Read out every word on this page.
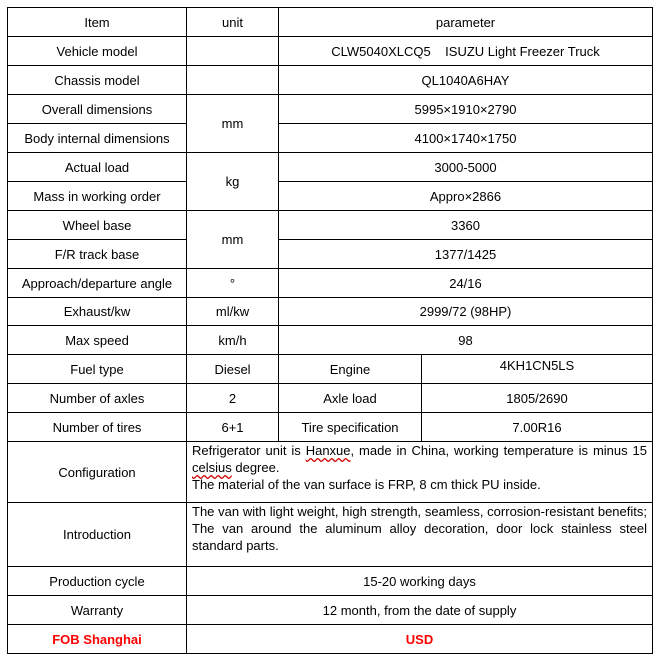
Item	unit	parameter	
Vehicle model		CLW5040XLCQ5    ISUZU Light Freezer Truck	
Chassis model		QL1040A6HAY	
Overall dimensions	mm	5995×1910×2790	
Body internal dimensions		4100×1740×1750	
Actual load	kg	3000-5000	
Mass in working order		Appro×2866	
Wheel base	mm	3360	
F/R track base		1377/1425	
Approach/departure angle	°	24/16	
Exhaust/kw	ml/kw	2999/72 (98HP)	
Max speed	km/h	98	
Fuel type	Diesel	Engine	4KH1CN5LS
Number of axles	2	Axle load	1805/2690
Number of tires	6+1	Tire specification	7.00R16
Configuration	Refrigerator unit is Hanxue, made in China, working temperature is minus 15 celsius degree.
The material of the van surface is FRP, 8 cm thick PU inside.		

Introduction	The van with light weight, high strength, seamless, corrosion-resistant benefits; The van around the aluminum alloy decoration, door lock stainless steel standard parts.		
Production cycle	15-20 working days		
Warranty	12 month, from the date of supply		
FOB Shanghai	USD		
